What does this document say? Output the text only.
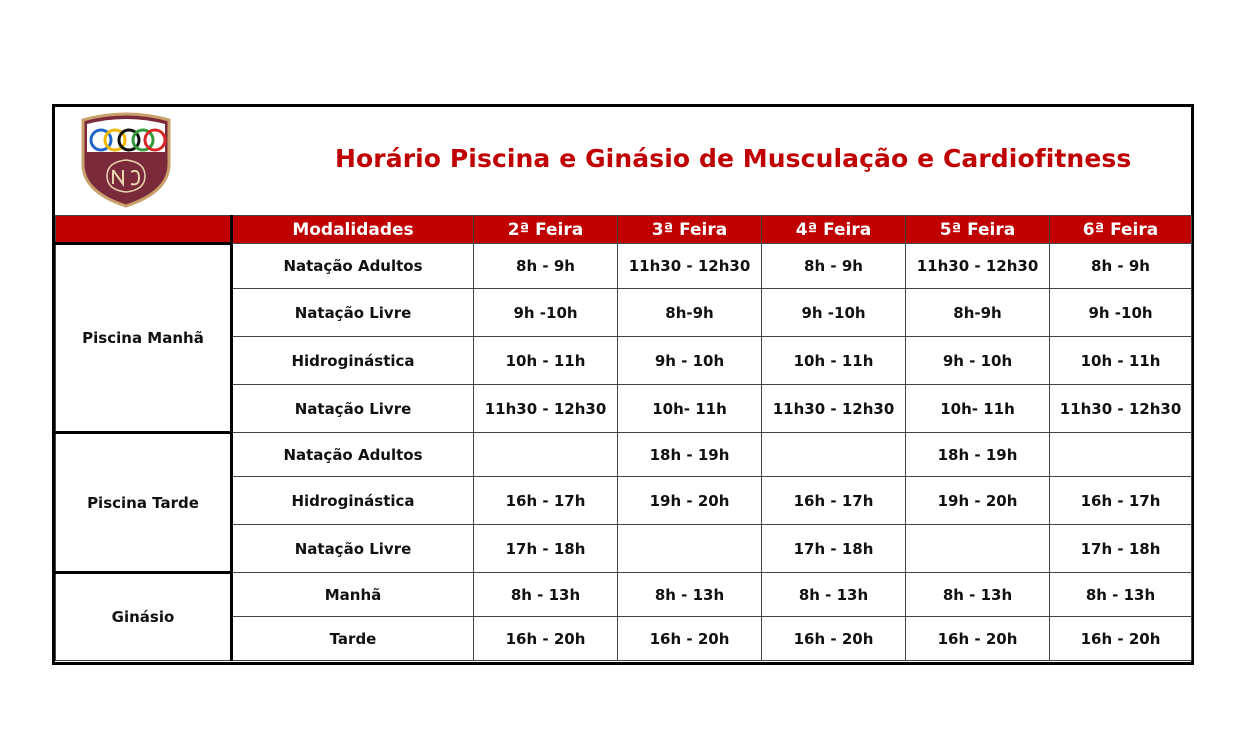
Horário Piscina e Ginásio de Musculação e Cardiofitness
	Modalidades	2ª Feira	3ª Feira	4ª Feira	5ª Feira	6ª Feira
Piscina Manhã	Natação Adultos	8h - 9h	11h30 - 12h30	8h - 9h	11h30 - 12h30	8h - 9h
	Natação Livre	9h -10h	8h-9h	9h -10h	8h-9h	9h -10h
	Hidroginástica	10h - 11h	9h - 10h	10h - 11h	9h - 10h	10h - 11h
	Natação Livre	11h30 - 12h30	10h- 11h	11h30 - 12h30	10h- 11h	11h30 - 12h30
Piscina Tarde	Natação Adultos		18h - 19h		18h - 19h	
	Hidroginástica	16h - 17h	19h - 20h	16h - 17h	19h - 20h	16h - 17h
	Natação Livre	17h - 18h		17h - 18h		17h - 18h
Ginásio	Manhã	8h - 13h	8h - 13h	8h - 13h	8h - 13h	8h - 13h
	Tarde	16h - 20h	16h - 20h	16h - 20h	16h - 20h	16h - 20h
